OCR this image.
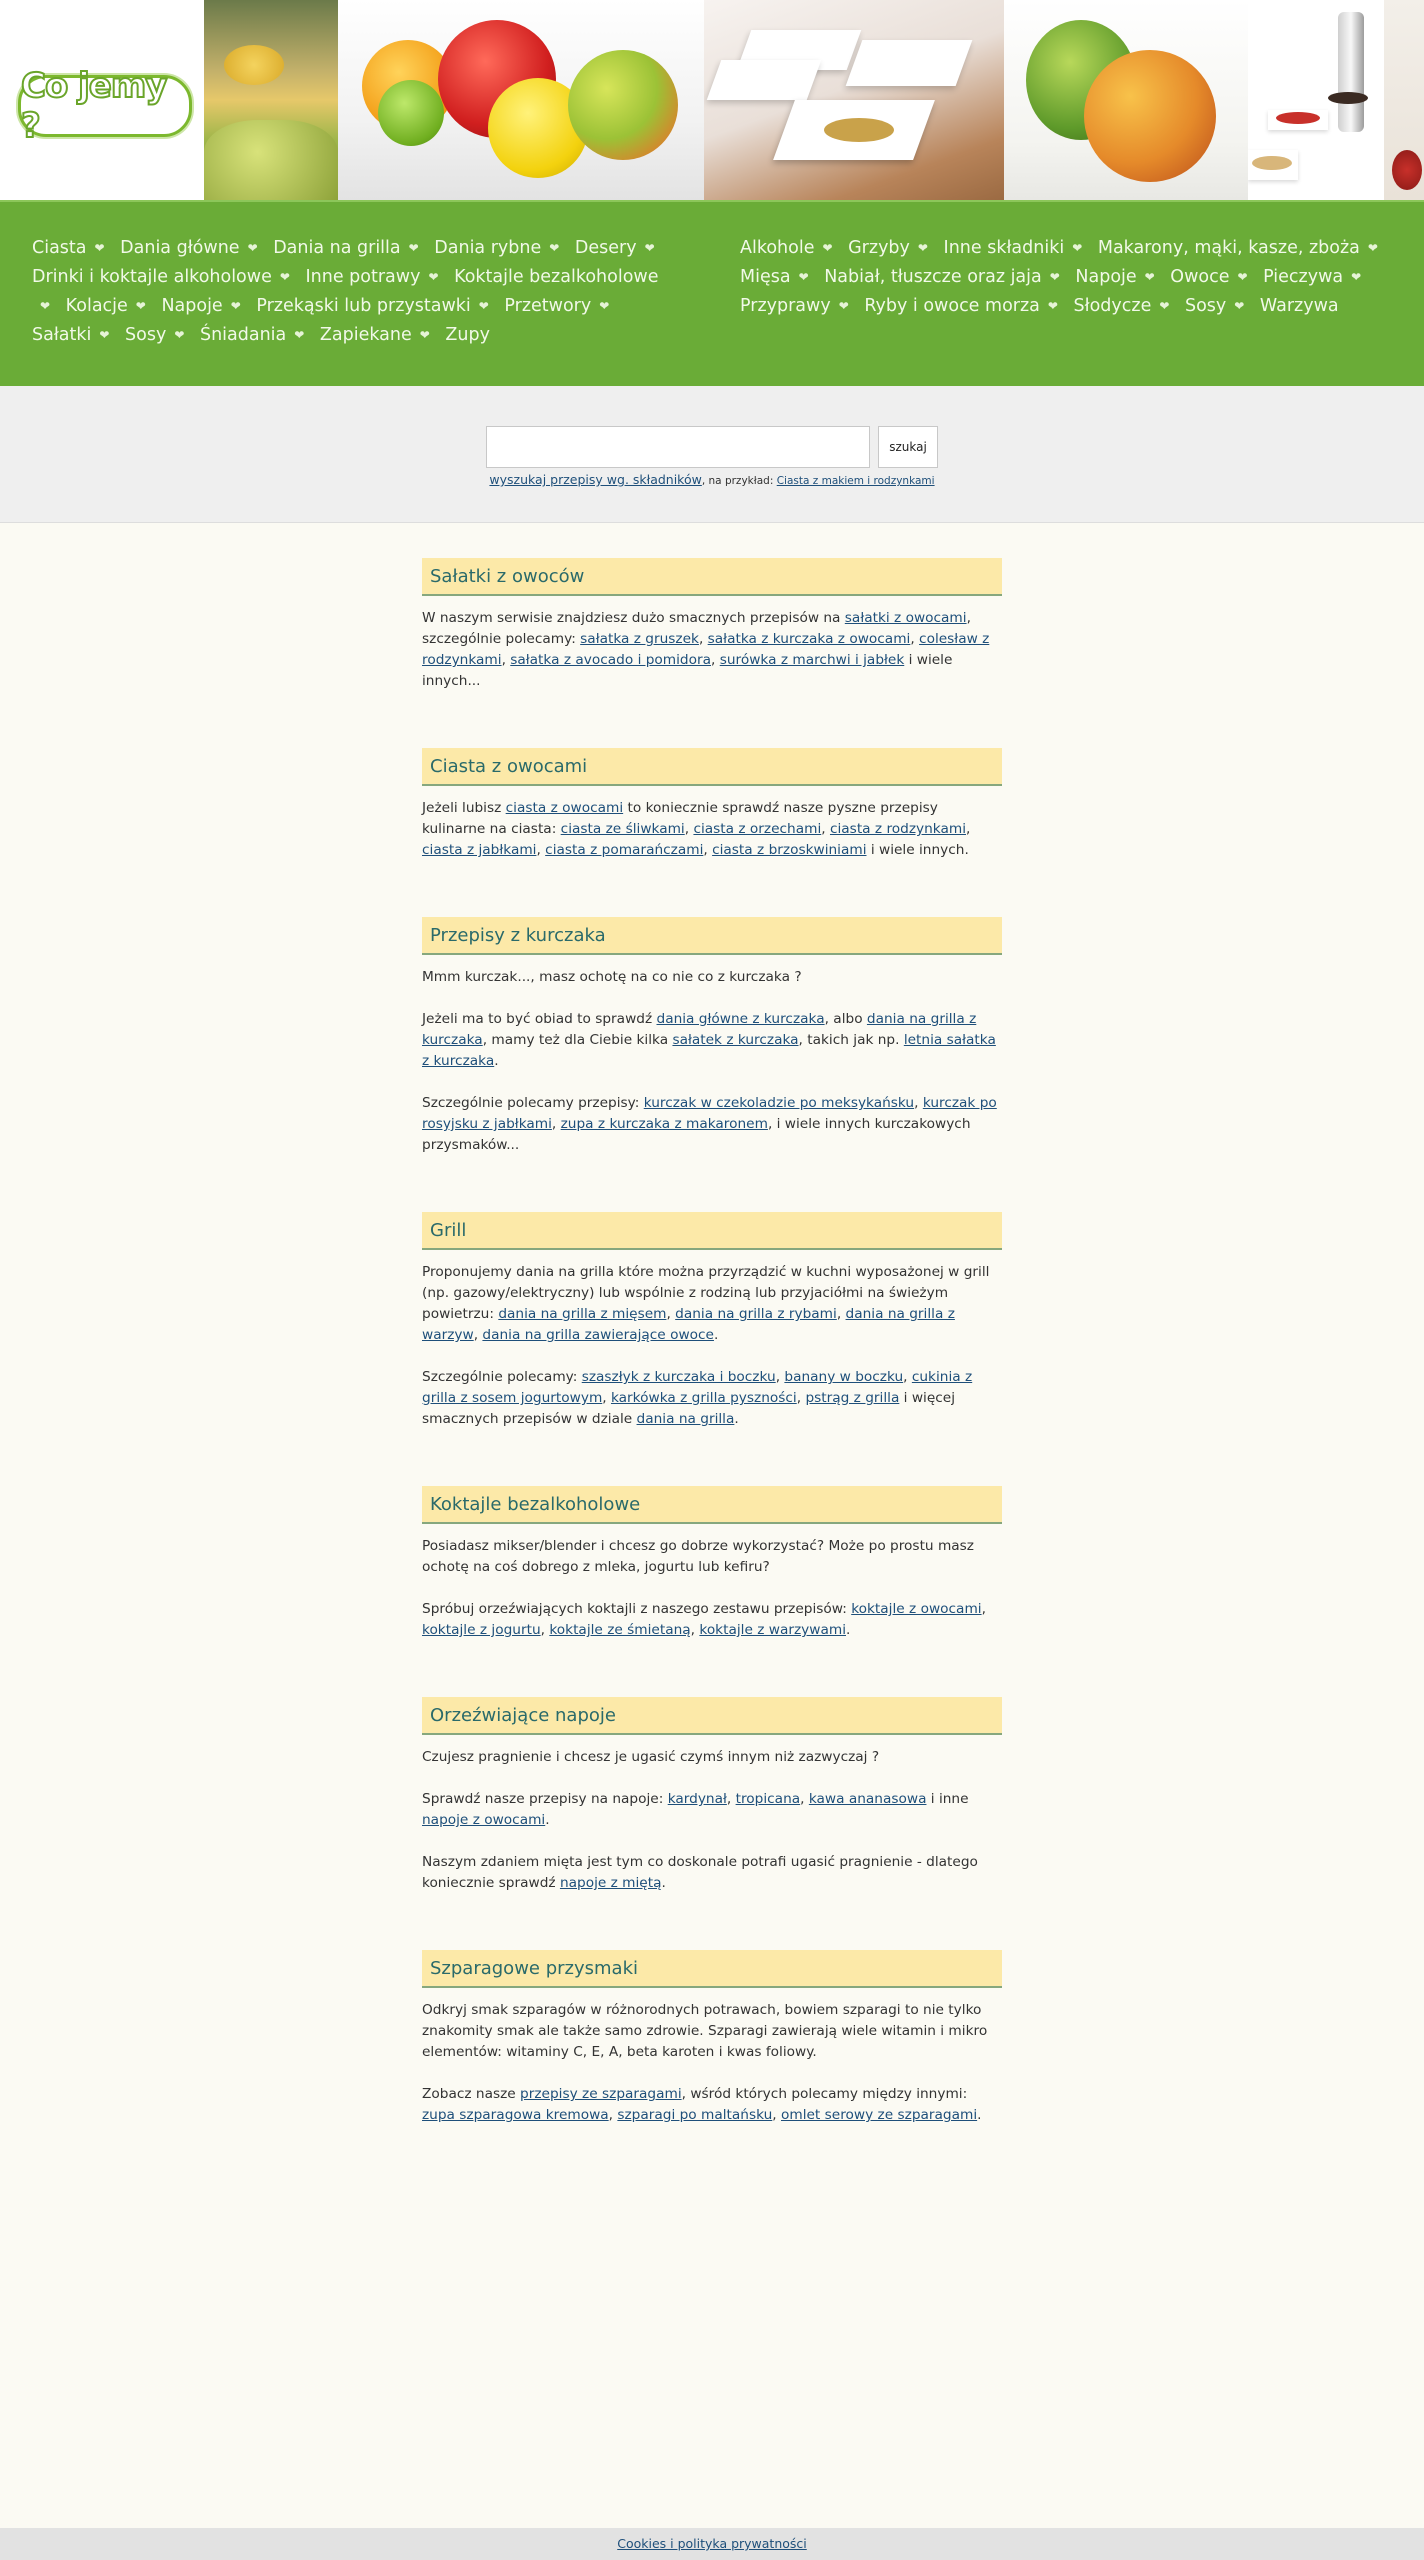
Co jemy ?
Ciasta ❤ Dania główne ❤ Dania na grilla ❤ Dania rybne ❤ Desery ❤ Drinki i koktajle alkoholowe ❤ Inne potrawy ❤ Koktajle bezalkoholowe❤ Kolacje ❤ Napoje ❤ Przekąski lub przystawki ❤ Przetwory ❤ Sałatki ❤ Sosy ❤ Śniadania ❤ Zapiekane ❤ Zupy
Alkohole ❤ Grzyby ❤ Inne składniki ❤ Makarony, mąki, kasze, zboża ❤ Mięsa ❤ Nabiał, tłuszcze oraz jaja ❤ Napoje ❤ Owoce ❤ Pieczywa ❤ Przyprawy ❤ Ryby i owoce morza ❤ Słodycze ❤ Sosy ❤ Warzywa
szukaj
wyszukaj przepisy wg. składników, na przykład: Ciasta z makiem i rodzynkami
Sałatki z owoców

W naszym serwisie znajdziesz dużo smacznych przepisów na sałatki z owocami, szczególnie polecamy: sałatka z gruszek, sałatka z kurczaka z owocami, colesław z rodzynkami, sałatka z avocado i pomidora, surówka z marchwi i jabłek i wiele innych...

Ciasta z owocami

Jeżeli lubisz ciasta z owocami to koniecznie sprawdź nasze pyszne przepisy kulinarne na ciasta: ciasta ze śliwkami, ciasta z orzechami, ciasta z rodzynkami, ciasta z jabłkami, ciasta z pomarańczami, ciasta z brzoskwiniami i wiele innych.

Przepisy z kurczaka

Mmm kurczak..., masz ochotę na co nie co z kurczaka ?

Jeżeli ma to być obiad to sprawdź dania główne z kurczaka, albo dania na grilla z kurczaka, mamy też dla Ciebie kilka sałatek z kurczaka, takich jak np. letnia sałatka z kurczaka.

Szczególnie polecamy przepisy: kurczak w czekoladzie po meksykańsku, kurczak po rosyjsku z jabłkami, zupa z kurczaka z makaronem, i wiele innych kurczakowych przysmaków...

Grill

Proponujemy dania na grilla które można przyrządzić w kuchni wyposażonej w grill (np. gazowy/elektryczny) lub wspólnie z rodziną lub przyjaciółmi na świeżym powietrzu: dania na grilla z mięsem, dania na grilla z rybami, dania na grilla z warzyw, dania na grilla zawierające owoce.

Szczególnie polecamy: szaszłyk z kurczaka i boczku, banany w boczku, cukinia z grilla z sosem jogurtowym, karkówka z grilla pyszności, pstrąg z grilla i więcej smacznych przepisów w dziale dania na grilla.

Koktajle bezalkoholowe

Posiadasz mikser/blender i chcesz go dobrze wykorzystać? Może po prostu masz ochotę na coś dobrego z mleka, jogurtu lub kefiru?

Spróbuj orzeźwiających koktajli z naszego zestawu przepisów: koktajle z owocami, koktajle z jogurtu, koktajle ze śmietaną, koktajle z warzywami.

Orzeźwiające napoje

Czujesz pragnienie i chcesz je ugasić czymś innym niż zazwyczaj ?

Sprawdź nasze przepisy na napoje: kardynał, tropicana, kawa ananasowa i inne napoje z owocami.

Naszym zdaniem mięta jest tym co doskonale potrafi ugasić pragnienie - dlatego koniecznie sprawdź napoje z miętą.

Szparagowe przysmaki

Odkryj smak szparagów w różnorodnych potrawach, bowiem szparagi to nie tylko znakomity smak ale także samo zdrowie. Szparagi zawierają wiele witamin i mikro elementów: witaminy C, E, A, beta karoten i kwas foliowy.

Zobacz nasze przepisy ze szparagami, wśród których polecamy między innymi: zupa szparagowa kremowa, szparagi po maltańsku, omlet serowy ze szparagami.

Cookies i polityka prywatności
